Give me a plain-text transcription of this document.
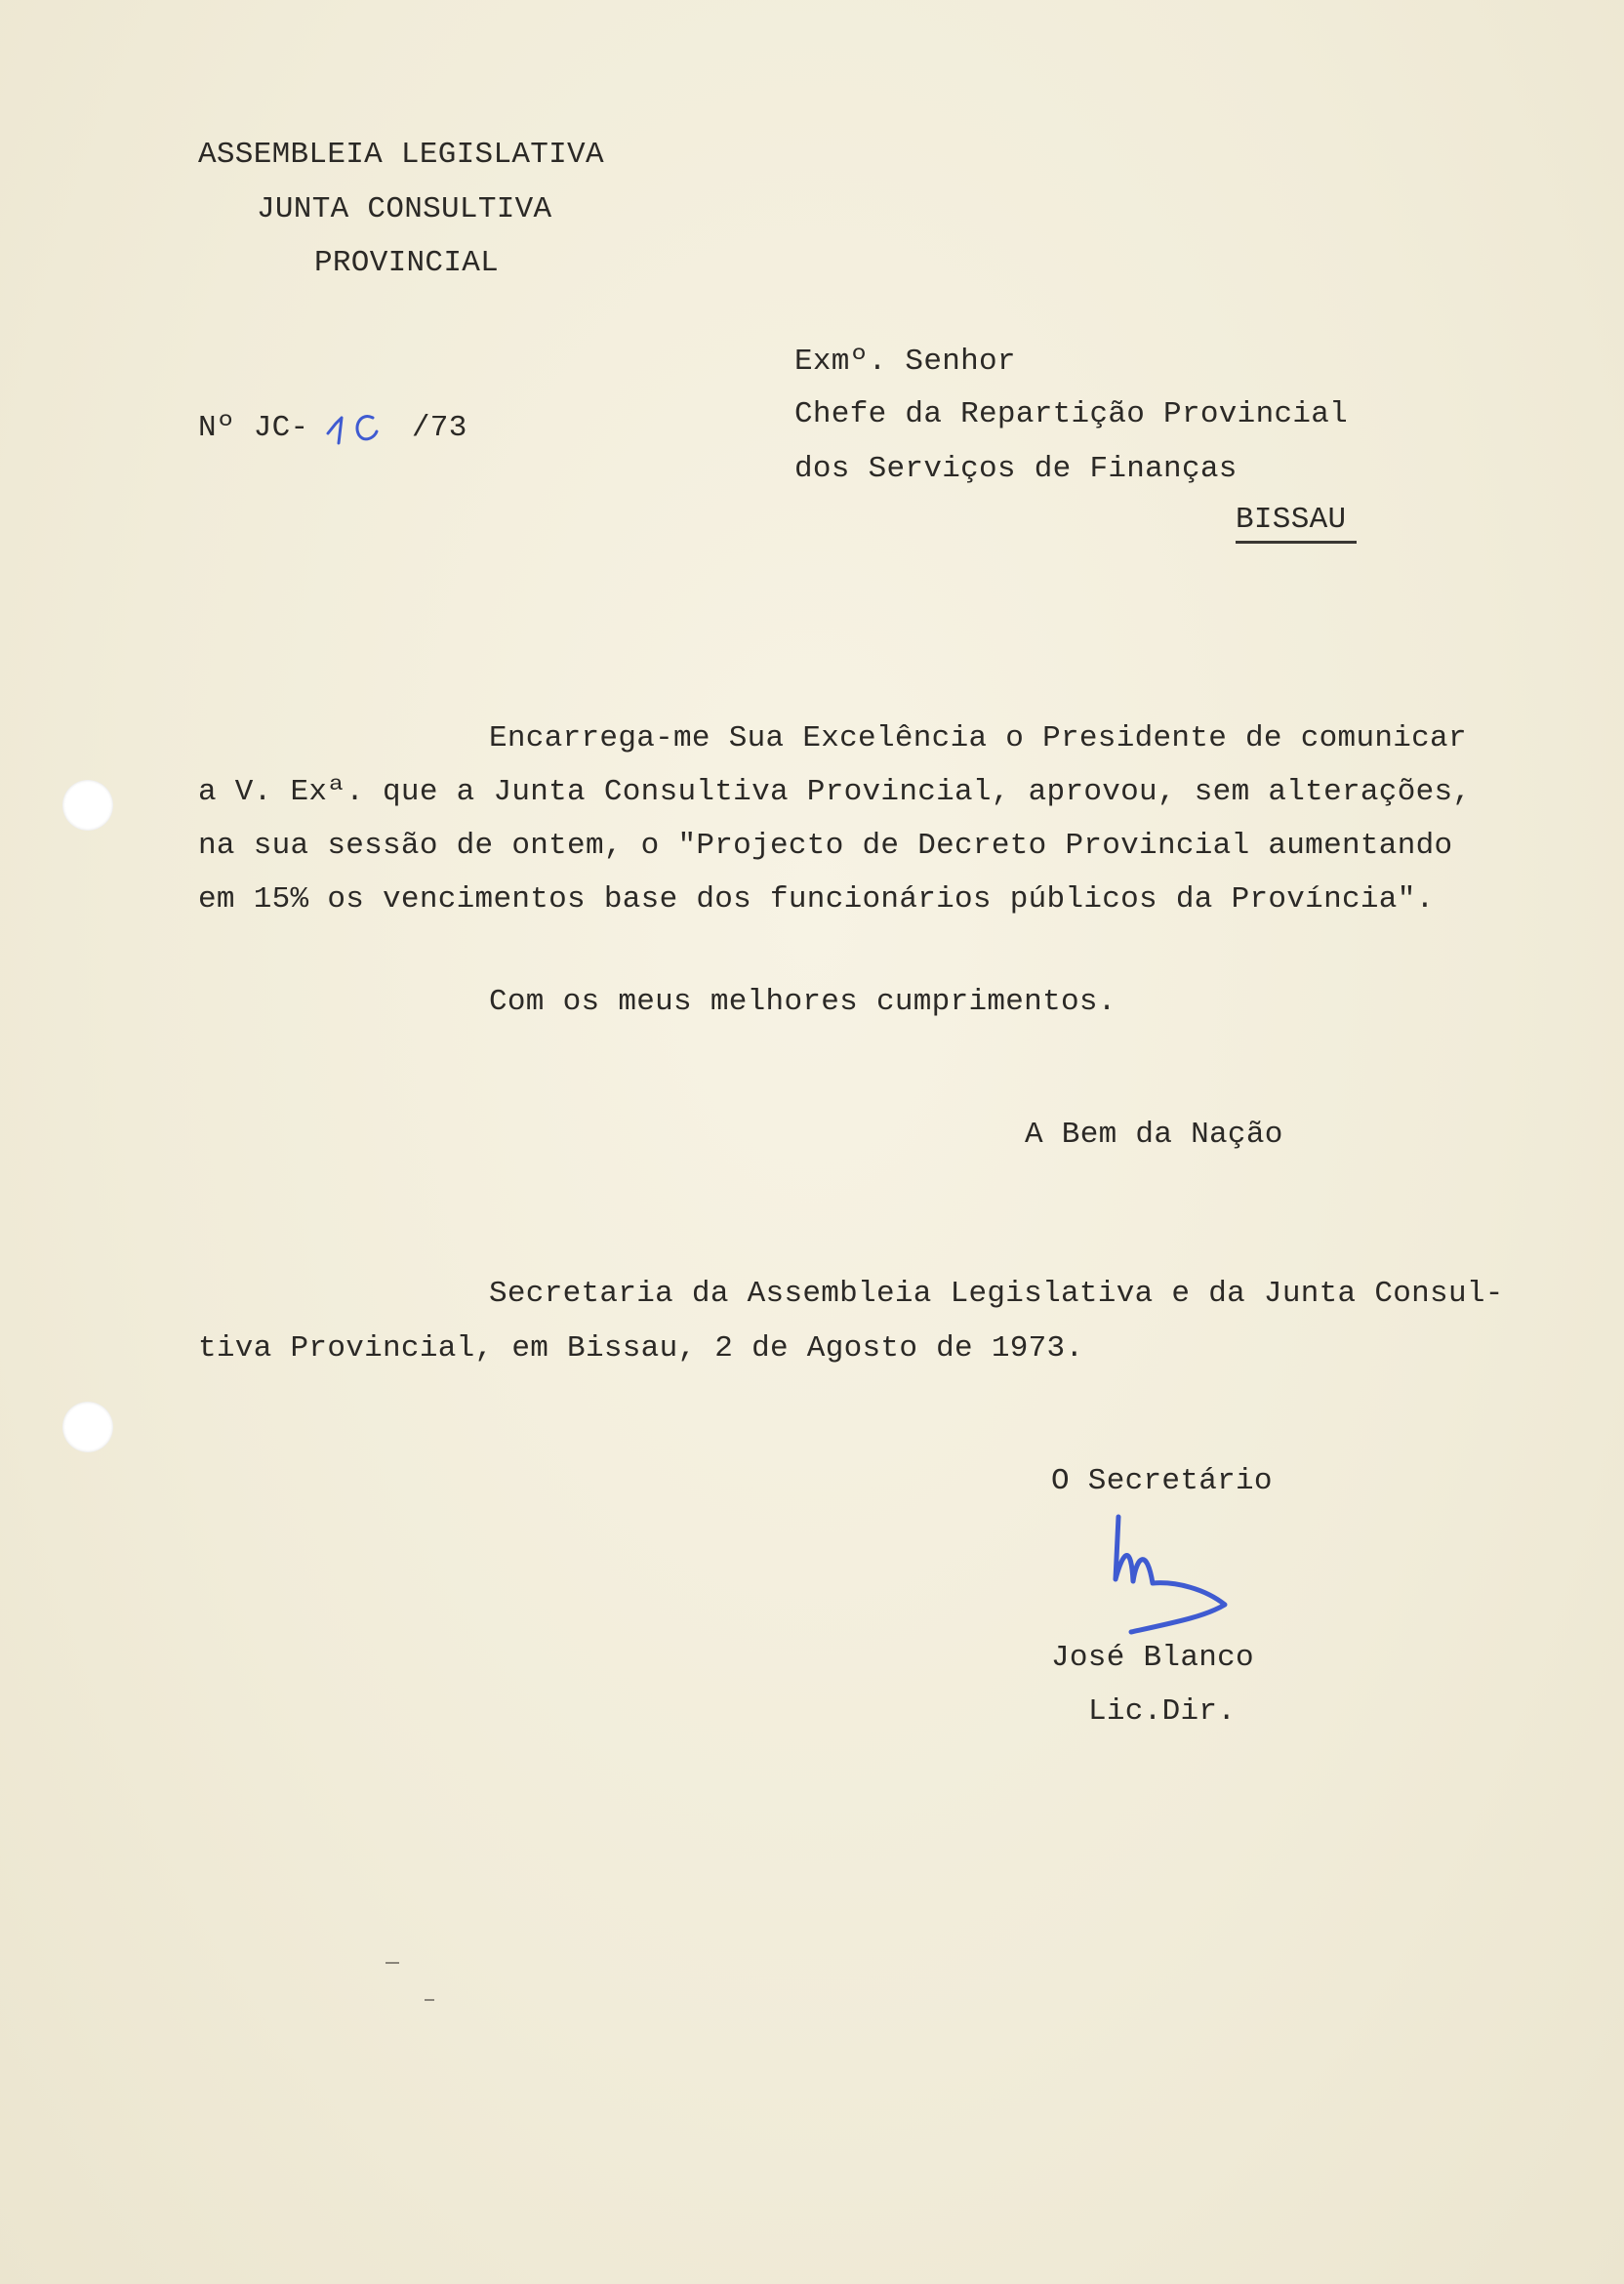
ASSEMBLEIA LEGISLATIVA
JUNTA CONSULTIVA
PROVINCIAL
Nº JC-	/73
Exmº. Senhor
Chefe da Repartição Provincial
dos Serviços de Finanças
BISSAU
Encarrega-me Sua Excelência o Presidente de comunicar
a V. Exª. que a Junta Consultiva Provincial, aprovou, sem alterações,
na sua sessão de ontem, o "Projecto de Decreto Provincial aumentando
em 15% os vencimentos base dos funcionários públicos da Província".
Com os meus melhores cumprimentos.
A Bem da Nação
Secretaria da Assembleia Legislativa e da Junta Consul-
tiva Provincial, em Bissau, 2 de Agosto de 1973.
O Secretário
José Blanco
Lic.Dir.
